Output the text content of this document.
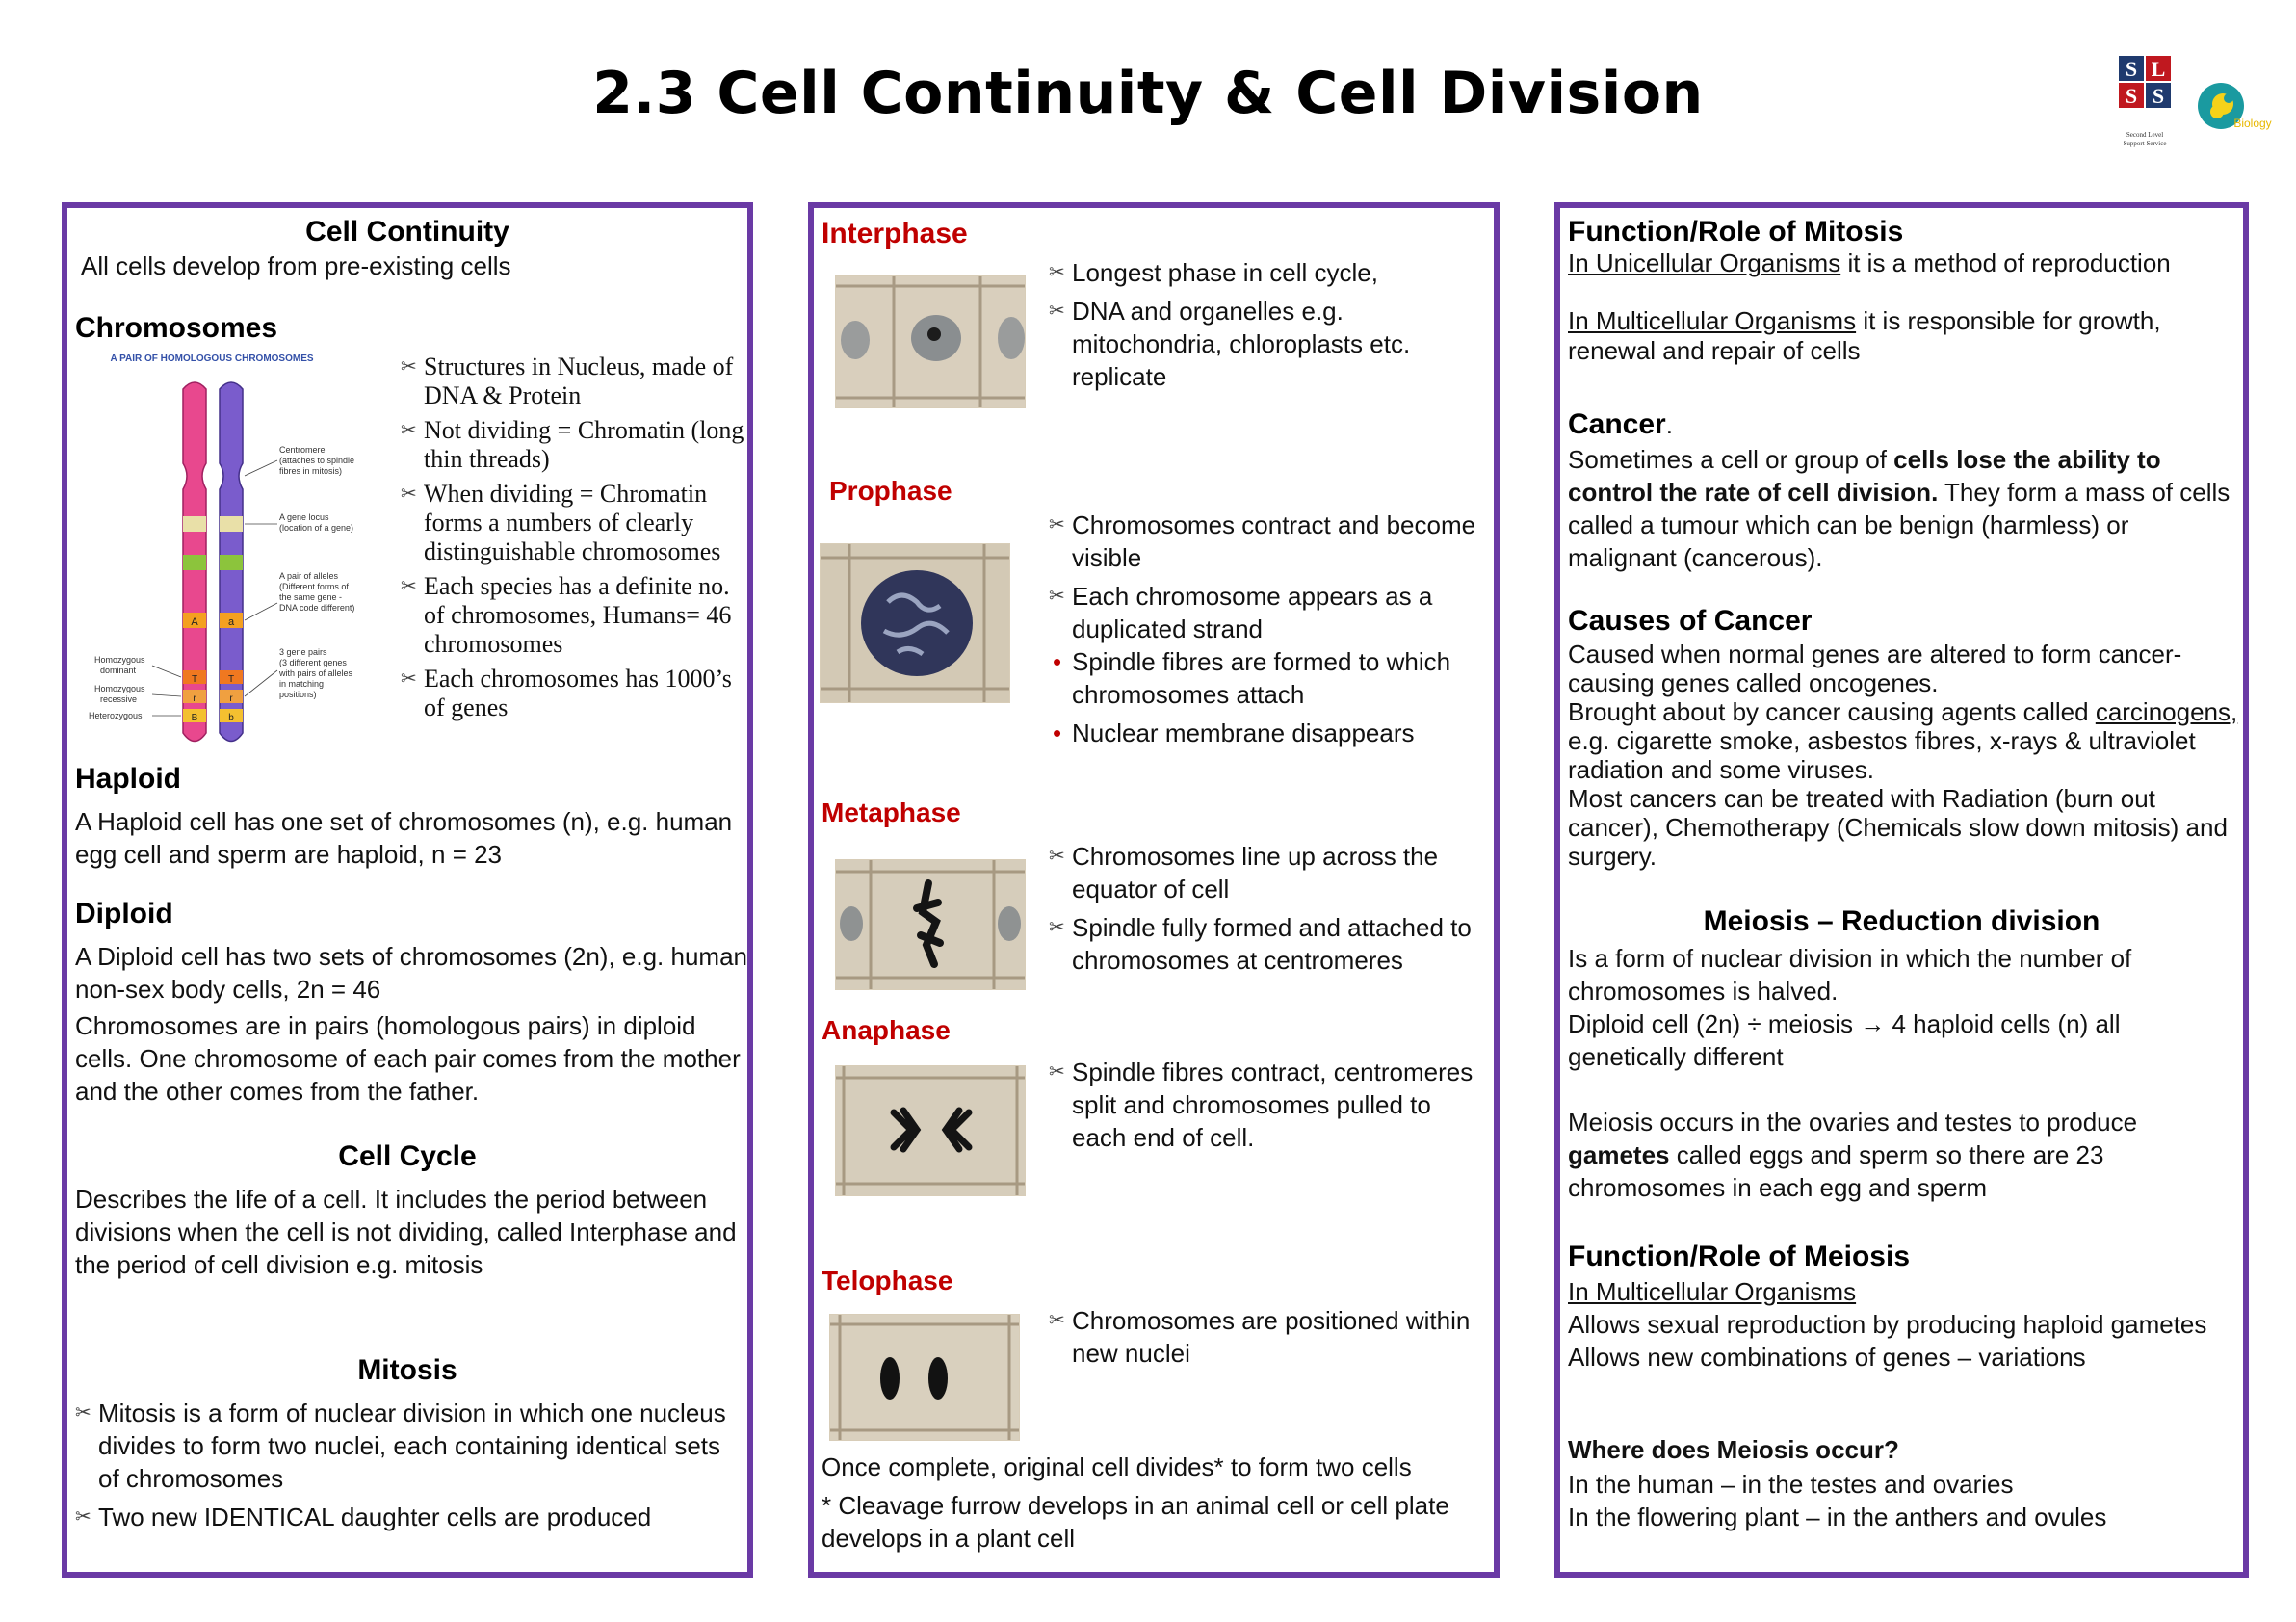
2.3 Cell Continuity & Cell Division	S L
S S
Second Level
Support Service
Biology
Cell Continuity
All cells develop from pre-existing cells
Chromosomes
A PAIR OF HOMOLOGOUS CHROMOSOMES
A	a
T	T
r	r
B	b
Centromere
(attaches to spindle
fibres in mitosis)
A gene locus
(location of a gene)
A pair of alleles
(Different forms of
the same gene -
DNA code different)
3 gene pairs
(3 different genes
with pairs of alleles
in matching
positions)
Homozygous
dominant
Homozygous
recessive
Heterozygous
✂ Structures in Nucleus, made of DNA & Protein
✂ Not dividing = Chromatin (long thin threads)
✂ When dividing = Chromatin forms a numbers of clearly distinguishable chromosomes
✂ Each species has a definite no. of chromosomes, Humans= 46 chromosomes
✂ Each chromosomes has 1000’s of genes
Haploid
A Haploid cell has one set of chromosomes (n), e.g. human egg cell and sperm are haploid, n = 23
Diploid
A Diploid cell has two sets of chromosomes (2n), e.g. human non-sex body cells, 2n = 46
Chromosomes are in pairs (homologous pairs) in diploid cells. One chromosome of each pair comes from the mother and the other comes from the father.
Cell Cycle
Describes the life of a cell. It includes the period between divisions when the cell is not dividing, called Interphase and the period of cell division e.g. mitosis
Mitosis
✂ Mitosis is a form of nuclear division in which one nucleus divides to form two nuclei, each containing identical sets of chromosomes
✂ Two new IDENTICAL daughter cells are produced
Interphase
✂ Longest phase in cell cycle,
✂ DNA and organelles e.g. mitochondria, chloroplasts etc. replicate
Prophase
✂ Chromosomes contract and become visible
✂ Each chromosome appears as a duplicated strand
• Spindle fibres are formed to which chromosomes attach
• Nuclear membrane disappears
Metaphase
✂ Chromosomes line up across the equator of cell
✂ Spindle fully formed and attached to chromosomes at centromeres
Anaphase
✂ Spindle fibres contract, centromeres split and chromosomes pulled to each end of cell.
Telophase
✂ Chromosomes are positioned within new nuclei
Once complete, original cell divides* to form two cells
* Cleavage furrow develops in an animal cell or cell plate develops in a plant cell
Function/Role of Mitosis
In Unicellular Organisms it is a method of reproduction
In Multicellular Organisms it is responsible for growth, renewal and repair of cells
Cancer.
Sometimes a cell or group of cells lose the ability to control the rate of cell division. They form a mass of cells called a tumour which can be benign (harmless) or malignant (cancerous).
Causes of Cancer
Caused when normal genes are altered to form cancer-causing genes called oncogenes.
Brought about by cancer causing agents called carcinogens, e.g. cigarette smoke, asbestos fibres, x-rays & ultraviolet radiation and some viruses.
Most cancers can be treated with Radiation (burn out cancer), Chemotherapy (Chemicals slow down mitosis) and surgery.
Meiosis – Reduction division
Is a form of nuclear division in which the number of chromosomes is halved.
Diploid cell (2n) ÷ meiosis → 4 haploid cells (n) all genetically different
Meiosis occurs in the ovaries and testes to produce gametes called eggs and sperm so there are 23 chromosomes in each egg and sperm
Function/Role of Meiosis
In Multicellular Organisms
Allows sexual reproduction by producing haploid gametes
Allows new combinations of genes – variations
Where does Meiosis occur?
In the human – in the testes and ovaries
In the flowering plant – in the anthers and ovules
